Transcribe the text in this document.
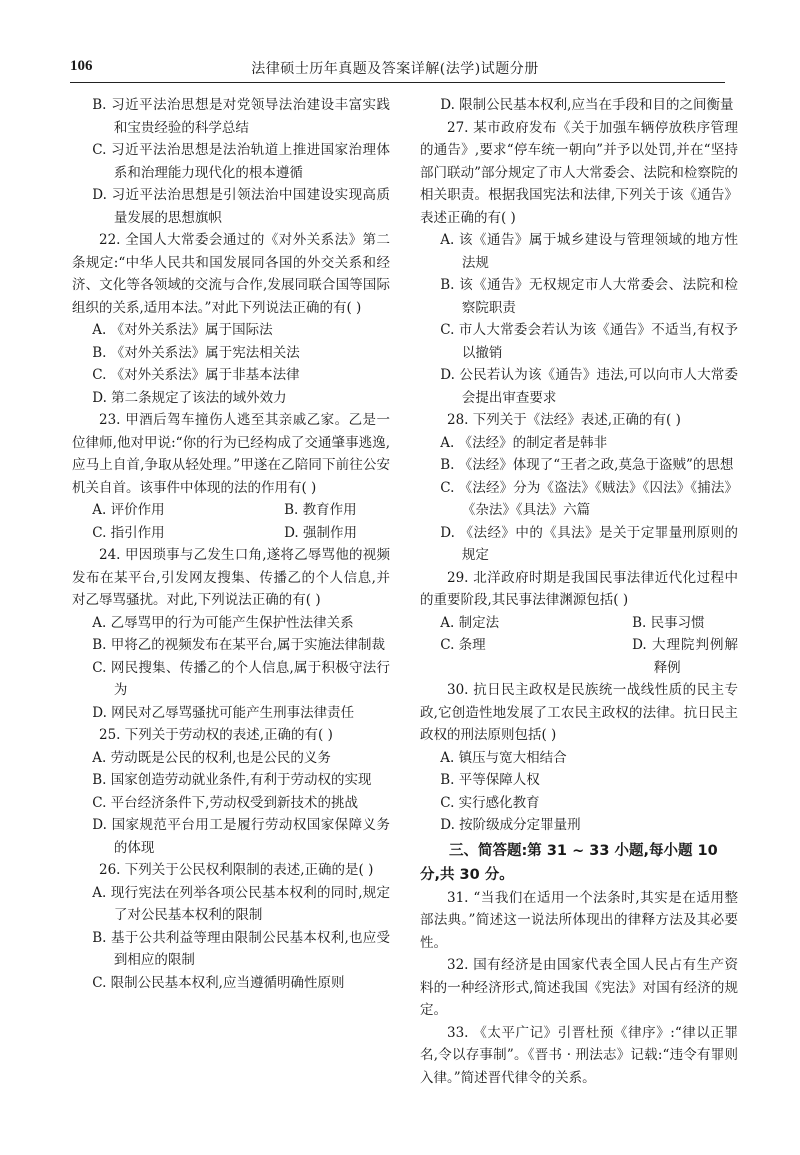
106	法律硕士历年真题及答案详解(法学)试题分册

B. 习近平法治思想是对党领导法治建设丰富实践和宝贵经验的科学总结

C. 习近平法治思想是法治轨道上推进国家治理体系和治理能力现代化的根本遵循

D. 习近平法治思想是引领法治中国建设实现高质量发展的思想旗帜

22. 全国人大常委会通过的《对外关系法》第二条规定:“中华人民共和国发展同各国的外交关系和经济、文化等各领域的交流与合作,发展同联合国等国际组织的关系,适用本法。”对此下列说法正确的有( )

A. 《对外关系法》属于国际法

B. 《对外关系法》属于宪法相关法

C. 《对外关系法》属于非基本法律

D. 第二条规定了该法的域外效力

23. 甲酒后驾车撞伤人逃至其亲戚乙家。乙是一位律师,他对甲说:“你的行为已经构成了交通肇事逃逸,应马上自首,争取从轻处理。”甲遂在乙陪同下前往公安机关自首。该事件中体现的法的作用有( )

A. 评价作用	B. 教育作用

C. 指引作用	D. 强制作用

24. 甲因琐事与乙发生口角,遂将乙辱骂他的视频发布在某平台,引发网友搜集、传播乙的个人信息,并对乙辱骂骚扰。对此,下列说法正确的有( )

A. 乙辱骂甲的行为可能产生保护性法律关系

B. 甲将乙的视频发布在某平台,属于实施法律制裁

C. 网民搜集、传播乙的个人信息,属于积极守法行为

D. 网民对乙辱骂骚扰可能产生刑事法律责任

25. 下列关于劳动权的表述,正确的有( )

A. 劳动既是公民的权利,也是公民的义务

B. 国家创造劳动就业条件,有利于劳动权的实现

C. 平台经济条件下,劳动权受到新技术的挑战

D. 国家规范平台用工是履行劳动权国家保障义务的体现

26. 下列关于公民权利限制的表述,正确的是( )

A. 现行宪法在列举各项公民基本权利的同时,规定了对公民基本权利的限制

B. 基于公共利益等理由限制公民基本权利,也应受到相应的限制

C. 限制公民基本权利,应当遵循明确性原则

D. 限制公民基本权利,应当在手段和目的之间衡量

27. 某市政府发布《关于加强车辆停放秩序管理的通告》,要求“停车统一朝向”并予以处罚,并在“坚持部门联动”部分规定了市人大常委会、法院和检察院的相关职责。根据我国宪法和法律,下列关于该《通告》表述正确的有( )

A. 该《通告》属于城乡建设与管理领域的地方性法规

B. 该《通告》无权规定市人大常委会、法院和检察院职责

C. 市人大常委会若认为该《通告》不适当,有权予以撤销

D. 公民若认为该《通告》违法,可以向市人大常委会提出审查要求

28. 下列关于《法经》表述,正确的有( )

A. 《法经》的制定者是韩非

B. 《法经》体现了“王者之政,莫急于盗贼”的思想

C. 《法经》分为《盗法》《贼法》《囚法》《捕法》《杂法》《具法》六篇

D. 《法经》中的《具法》是关于定罪量刑原则的规定

29. 北洋政府时期是我国民事法律近代化过程中的重要阶段,其民事法律渊源包括( )

A. 制定法	B. 民事习惯

C. 条理	D. 大理院判例解释例

30. 抗日民主政权是民族统一战线性质的民主专政,它创造性地发展了工农民主政权的法律。抗日民主政权的刑法原则包括( )

A. 镇压与宽大相结合

B. 平等保障人权

C. 实行感化教育

D. 按阶级成分定罪量刑

三、简答题:第 31 ~ 33 小题,每小题 10 分,共 30 分。

31. “当我们在适用一个法条时,其实是在适用整部法典。”简述这一说法所体现出的律释方法及其必要性。

32. 国有经济是由国家代表全国人民占有生产资料的一种经济形式,简述我国《宪法》对国有经济的规定。

33. 《太平广记》引晋杜预《律序》:“律以正罪名,令以存事制”。《晋书 · 刑法志》记载:“违令有罪则入律。”简述晋代律令的关系。
